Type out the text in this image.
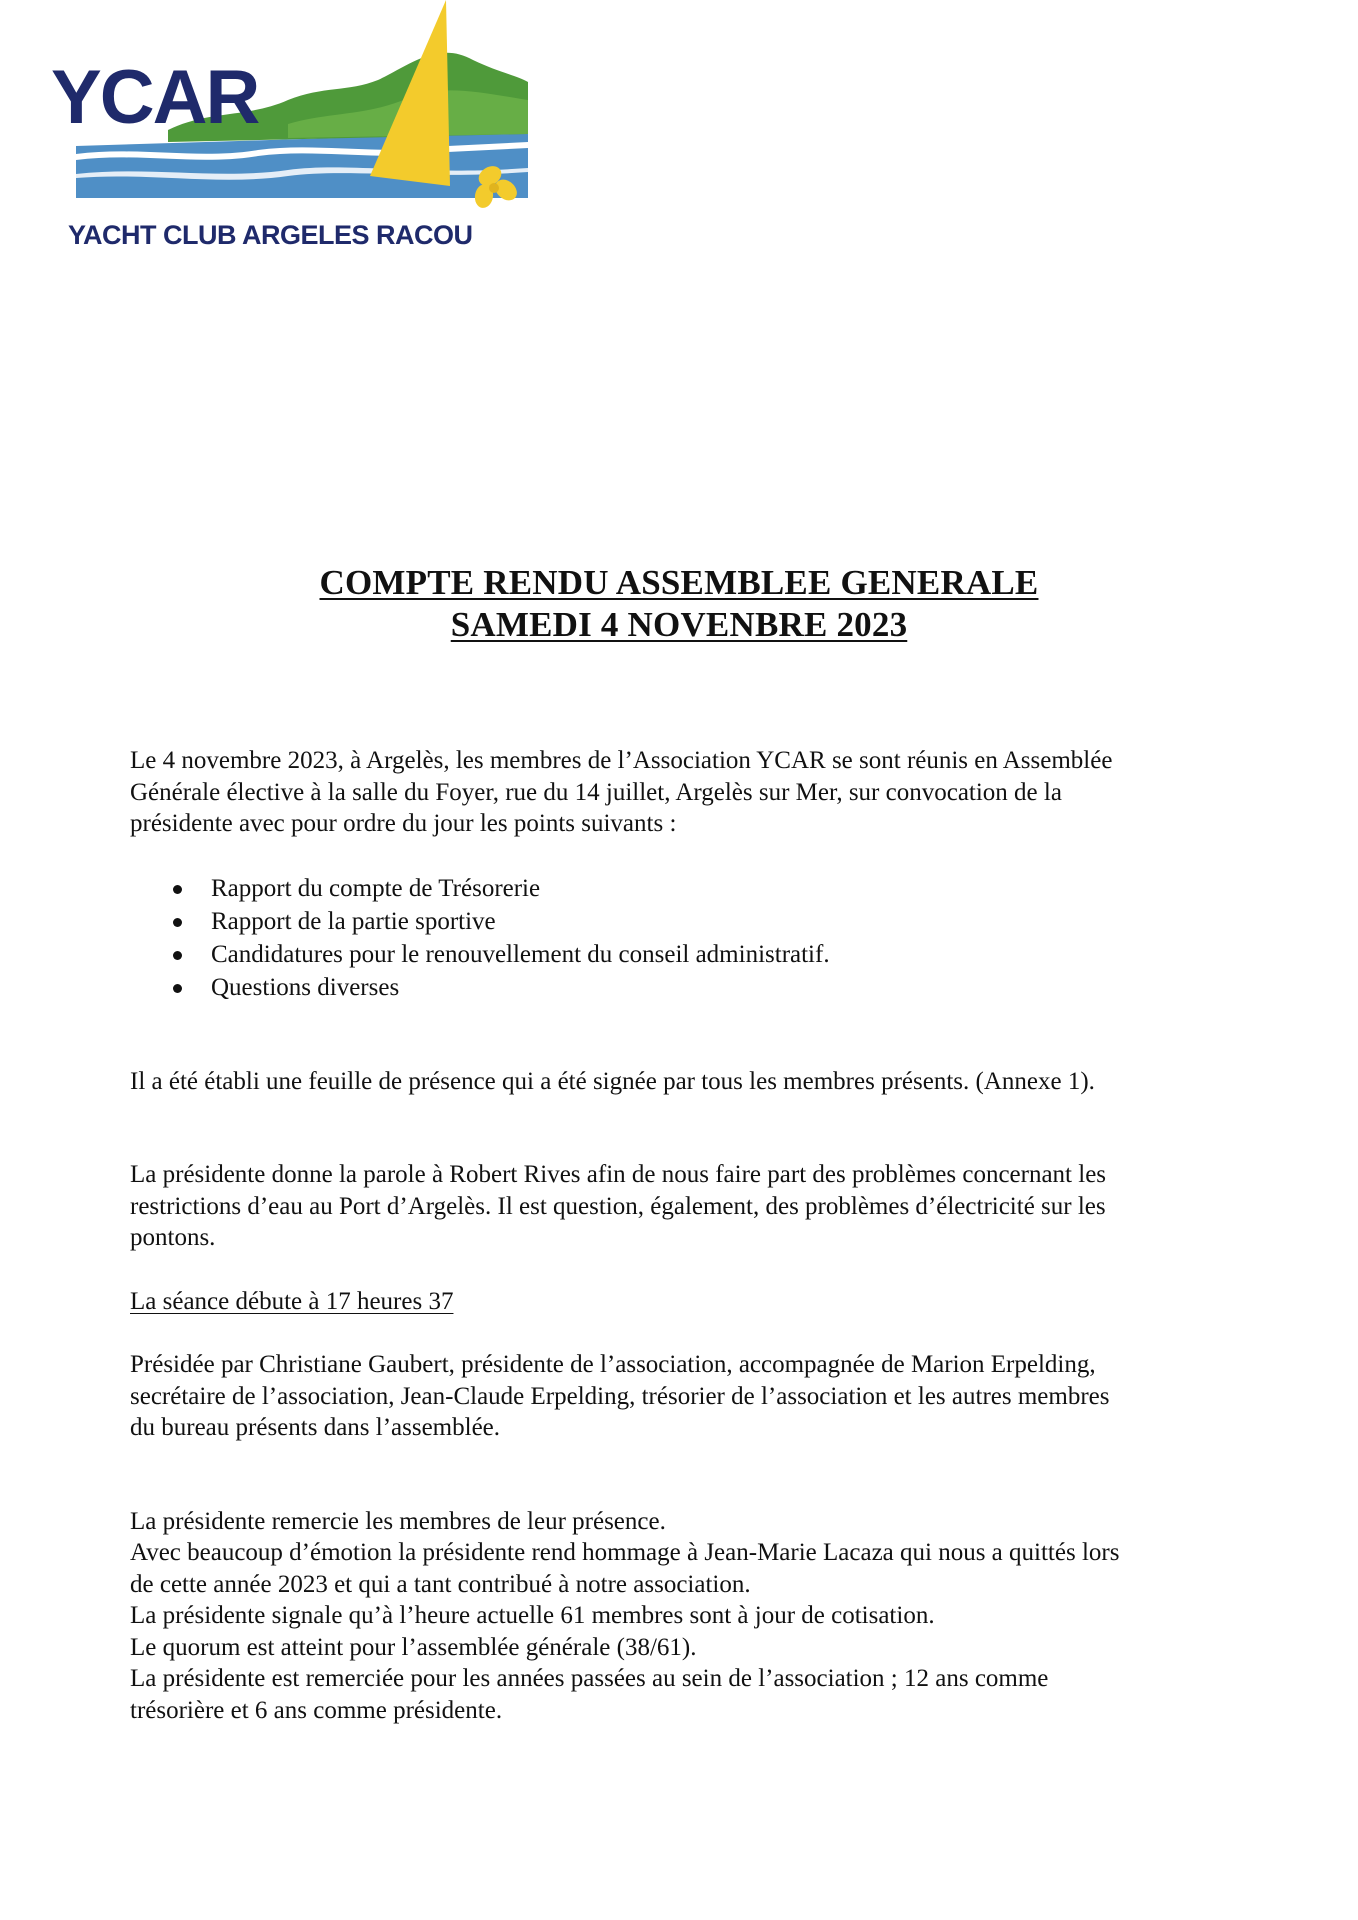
YCAR
YACHT CLUB ARGELES RACOU
COMPTE RENDU ASSEMBLEE GENERALE
SAMEDI 4 NOVENBRE 2023

Le 4 novembre 2023, à Argelès, les membres de l’Association YCAR se sont réunis en Assemblée
Générale élective à la salle du Foyer, rue du 14 juillet, Argelès sur Mer, sur convocation de la
présidente avec pour ordre du jour les points suivants :

Rapport du compte de Trésorerie
Rapport de la partie sportive
Candidatures pour le renouvellement du conseil administratif.
Questions diverses

Il a été établi une feuille de présence qui a été signée par tous les membres présents. (Annexe 1).

La présidente donne la parole à Robert Rives afin de nous faire part des problèmes concernant les
restrictions d’eau au Port d’Argelès. Il est question, également, des problèmes d’électricité sur les
pontons.

La séance débute à 17 heures 37

Présidée par Christiane Gaubert, présidente de l’association, accompagnée de Marion Erpelding,
secrétaire de l’association, Jean-Claude Erpelding, trésorier de l’association et les autres membres
du bureau présents dans l’assemblée.

La présidente remercie les membres de leur présence.
Avec beaucoup d’émotion la présidente rend hommage à Jean-Marie Lacaza qui nous a quittés lors
de cette année 2023 et qui a tant contribué à notre association.
La présidente signale qu’à l’heure actuelle 61 membres sont à jour de cotisation.
Le quorum est atteint pour l’assemblée générale (38/61).
La présidente est remerciée pour les années passées au sein de l’association ; 12 ans comme
trésorière et 6 ans comme présidente.
